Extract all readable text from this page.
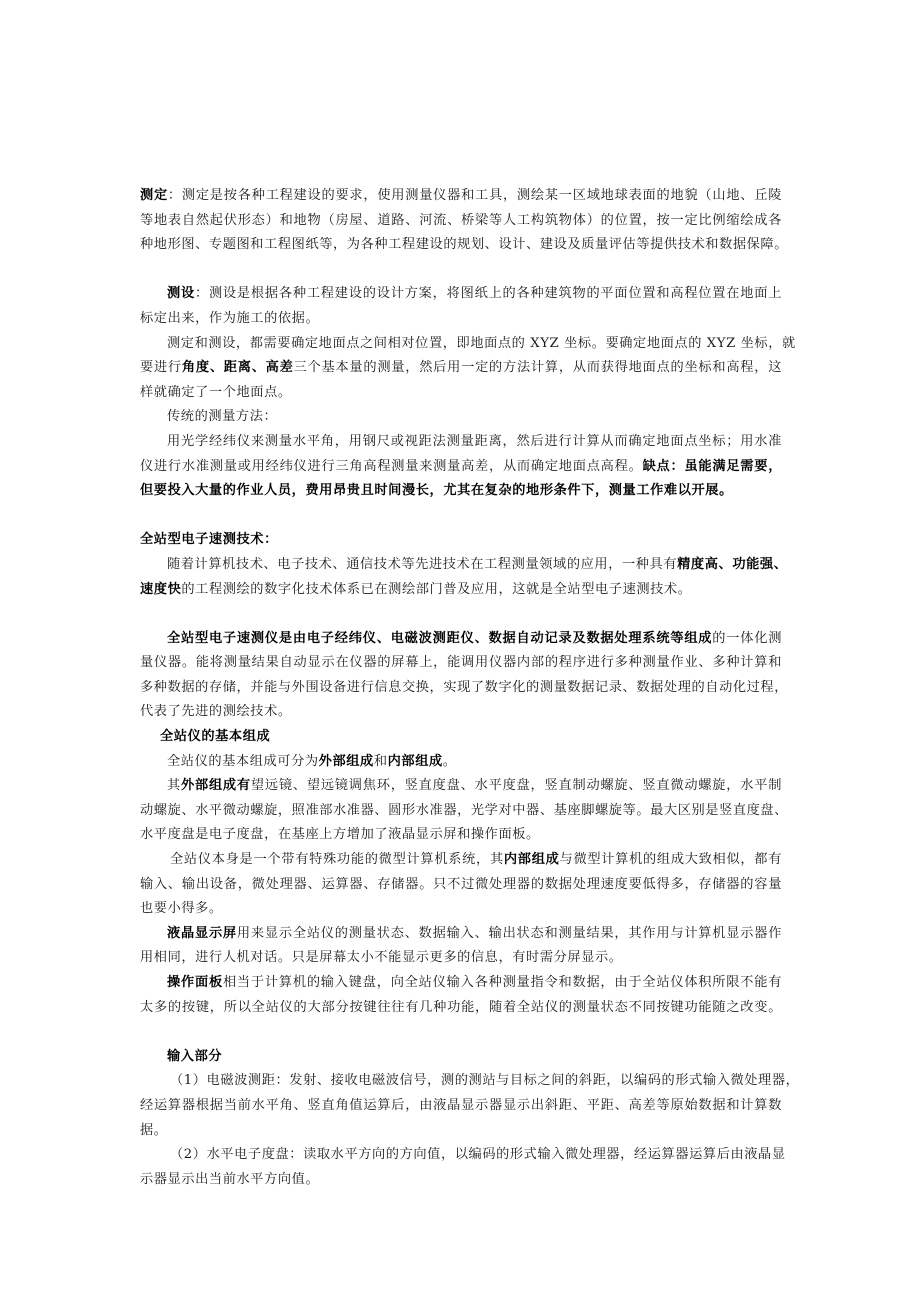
测定：测定是按各种工程建设的要求，使用测量仪器和工具，测绘某一区域地球表面的地貌（山地、丘陵
等地表自然起伏形态）和地物（房屋、道路、河流、桥梁等人工构筑物体）的位置，按一定比例缩绘成各
种地形图、专题图和工程图纸等，为各种工程建设的规划、设计、建设及质量评估等提供技术和数据保障。
测设：测设是根据各种工程建设的设计方案，将图纸上的各种建筑物的平面位置和高程位置在地面上
标定出来，作为施工的依据。
测定和测设，都需要确定地面点之间相对位置，即地面点的 XYZ 坐标。要确定地面点的 XYZ 坐标，就
要进行角度、距离、高差三个基本量的测量，然后用一定的方法计算，从而获得地面点的坐标和高程，这
样就确定了一个地面点。
传统的测量方法：
用光学经纬仪来测量水平角，用钢尺或视距法测量距离，然后进行计算从而确定地面点坐标；用水准
仪进行水准测量或用经纬仪进行三角高程测量来测量高差，从而确定地面点高程。缺点：虽能满足需要，
但要投入大量的作业人员，费用昂贵且时间漫长，尤其在复杂的地形条件下，测量工作难以开展。
全站型电子速测技术：
随着计算机技术、电子技术、通信技术等先进技术在工程测量领域的应用，一种具有精度高、功能强、
速度快的工程测绘的数字化技术体系已在测绘部门普及应用，这就是全站型电子速测技术。
全站型电子速测仪是由电子经纬仪、电磁波测距仪、数据自动记录及数据处理系统等组成的一体化测
量仪器。能将测量结果自动显示在仪器的屏幕上，能调用仪器内部的程序进行多种测量作业、多种计算和
多种数据的存储，并能与外围设备进行信息交换，实现了数字化的测量数据记录、数据处理的自动化过程，
代表了先进的测绘技术。
全站仪的基本组成
全站仪的基本组成可分为外部组成和内部组成。
其外部组成有望远镜、望远镜调焦环，竖直度盘、水平度盘，竖直制动螺旋、竖直微动螺旋，水平制
动螺旋、水平微动螺旋，照准部水准器、圆形水准器，光学对中器、基座脚螺旋等。最大区别是竖直度盘、
水平度盘是电子度盘，在基座上方增加了液晶显示屏和操作面板。
全站仪本身是一个带有特殊功能的微型计算机系统，其内部组成与微型计算机的组成大致相似，都有
输入、输出设备，微处理器、运算器、存储器。只不过微处理器的数据处理速度要低得多，存储器的容量
也要小得多。
液晶显示屏用来显示全站仪的测量状态、数据输入、输出状态和测量结果，其作用与计算机显示器作
用相同，进行人机对话。只是屏幕太小不能显示更多的信息，有时需分屏显示。
操作面板相当于计算机的输入键盘，向全站仪输入各种测量指令和数据，由于全站仪体积所限不能有
太多的按键，所以全站仪的大部分按键往往有几种功能，随着全站仪的测量状态不同按键功能随之改变。
输入部分
（1）电磁波测距：发射、接收电磁波信号，测的测站与目标之间的斜距，以编码的形式输入微处理器，
经运算器根据当前水平角、竖直角值运算后，由液晶显示器显示出斜距、平距、高差等原始数据和计算数
据。
（2）水平电子度盘：读取水平方向的方向值，以编码的形式输入微处理器，经运算器运算后由液晶显
示器显示出当前水平方向值。
